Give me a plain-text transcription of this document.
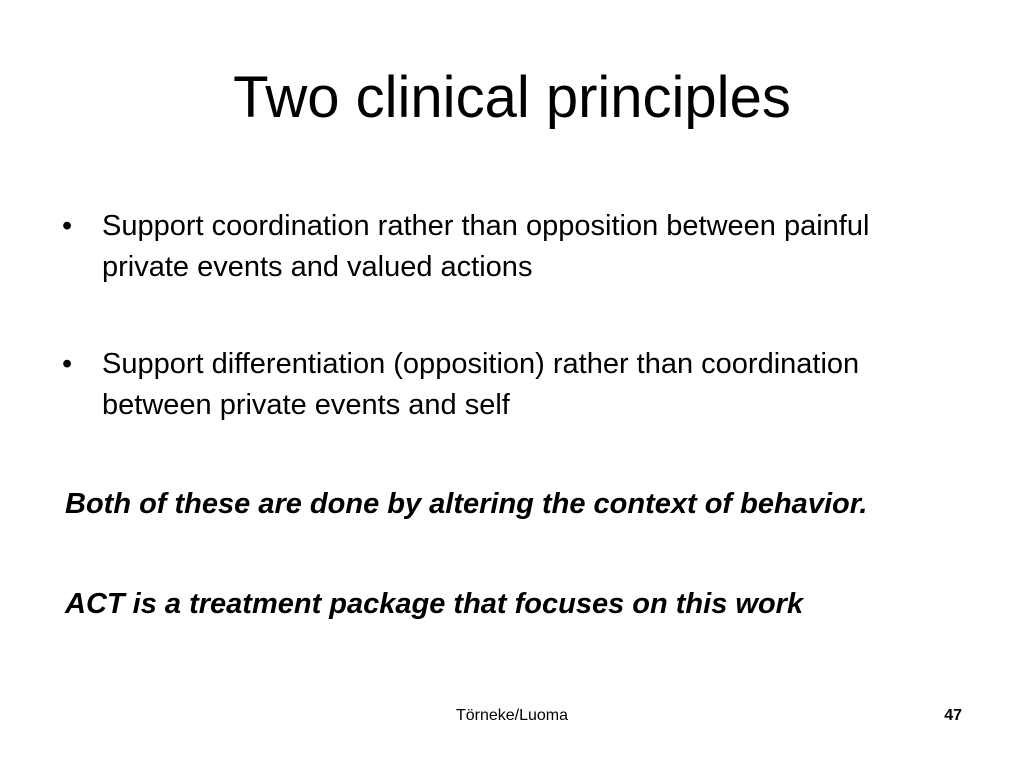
Two clinical principles
•	Support coordination rather than opposition between painful private events and valued actions
•	Support differentiation (opposition) rather than coordination between private events and self

Both of these are done by altering the context of behavior.

ACT is a treatment package that focuses on this work

Törneke/Luoma	47
